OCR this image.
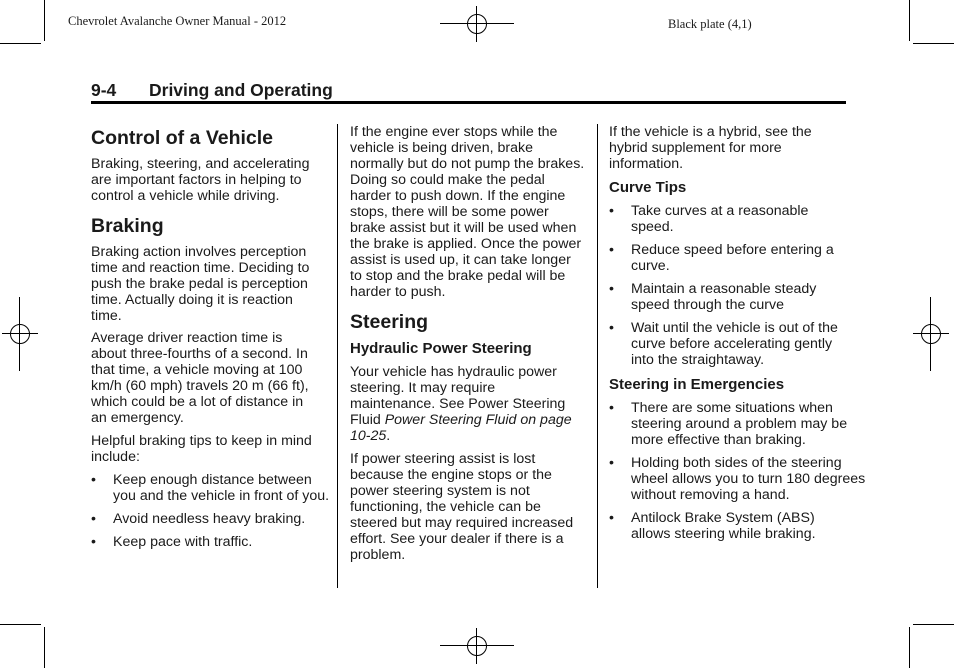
Chevrolet Avalanche Owner Manual - 2012	Black plate (4,1)
9-4 Driving and Operating
Control of a Vehicle

Braking, steering, and accelerating are important factors in helping to control a vehicle while driving.

Braking

Braking action involves perception time and reaction time. Deciding to push the brake pedal is perception time. Actually doing it is reaction time.

Average driver reaction time is about three-fourths of a second. In that time, a vehicle moving at 100 km/h (60 mph) travels 20 m (66 ft), which could be a lot of distance in an emergency.

Helpful braking tips to keep in mind include:

• Keep enough distance between you and the vehicle in front of you.
• Avoid needless heavy braking.
• Keep pace with traffic.

If the engine ever stops while the vehicle is being driven, brake normally but do not pump the brakes. Doing so could make the pedal harder to push down. If the engine stops, there will be some power brake assist but it will be used when the brake is applied. Once the power assist is used up, it can take longer to stop and the brake pedal will be harder to push.

Steering
Hydraulic Power Steering

Your vehicle has hydraulic power steering. It may require maintenance. See Power Steering Fluid Power Steering Fluid on page 10-25.

If power steering assist is lost because the engine stops or the power steering system is not functioning, the vehicle can be steered but may required increased effort. See your dealer if there is a problem.

If the vehicle is a hybrid, see the hybrid supplement for more information.

Curve Tips
• Take curves at a reasonable speed.
• Reduce speed before entering a curve.
• Maintain a reasonable steady speed through the curve
• Wait until the vehicle is out of the curve before accelerating gently into the straightaway.
Steering in Emergencies
• There are some situations when steering around a problem may be more effective than braking.
• Holding both sides of the steering wheel allows you to turn 180 degrees without removing a hand.
• Antilock Brake System (ABS) allows steering while braking.
